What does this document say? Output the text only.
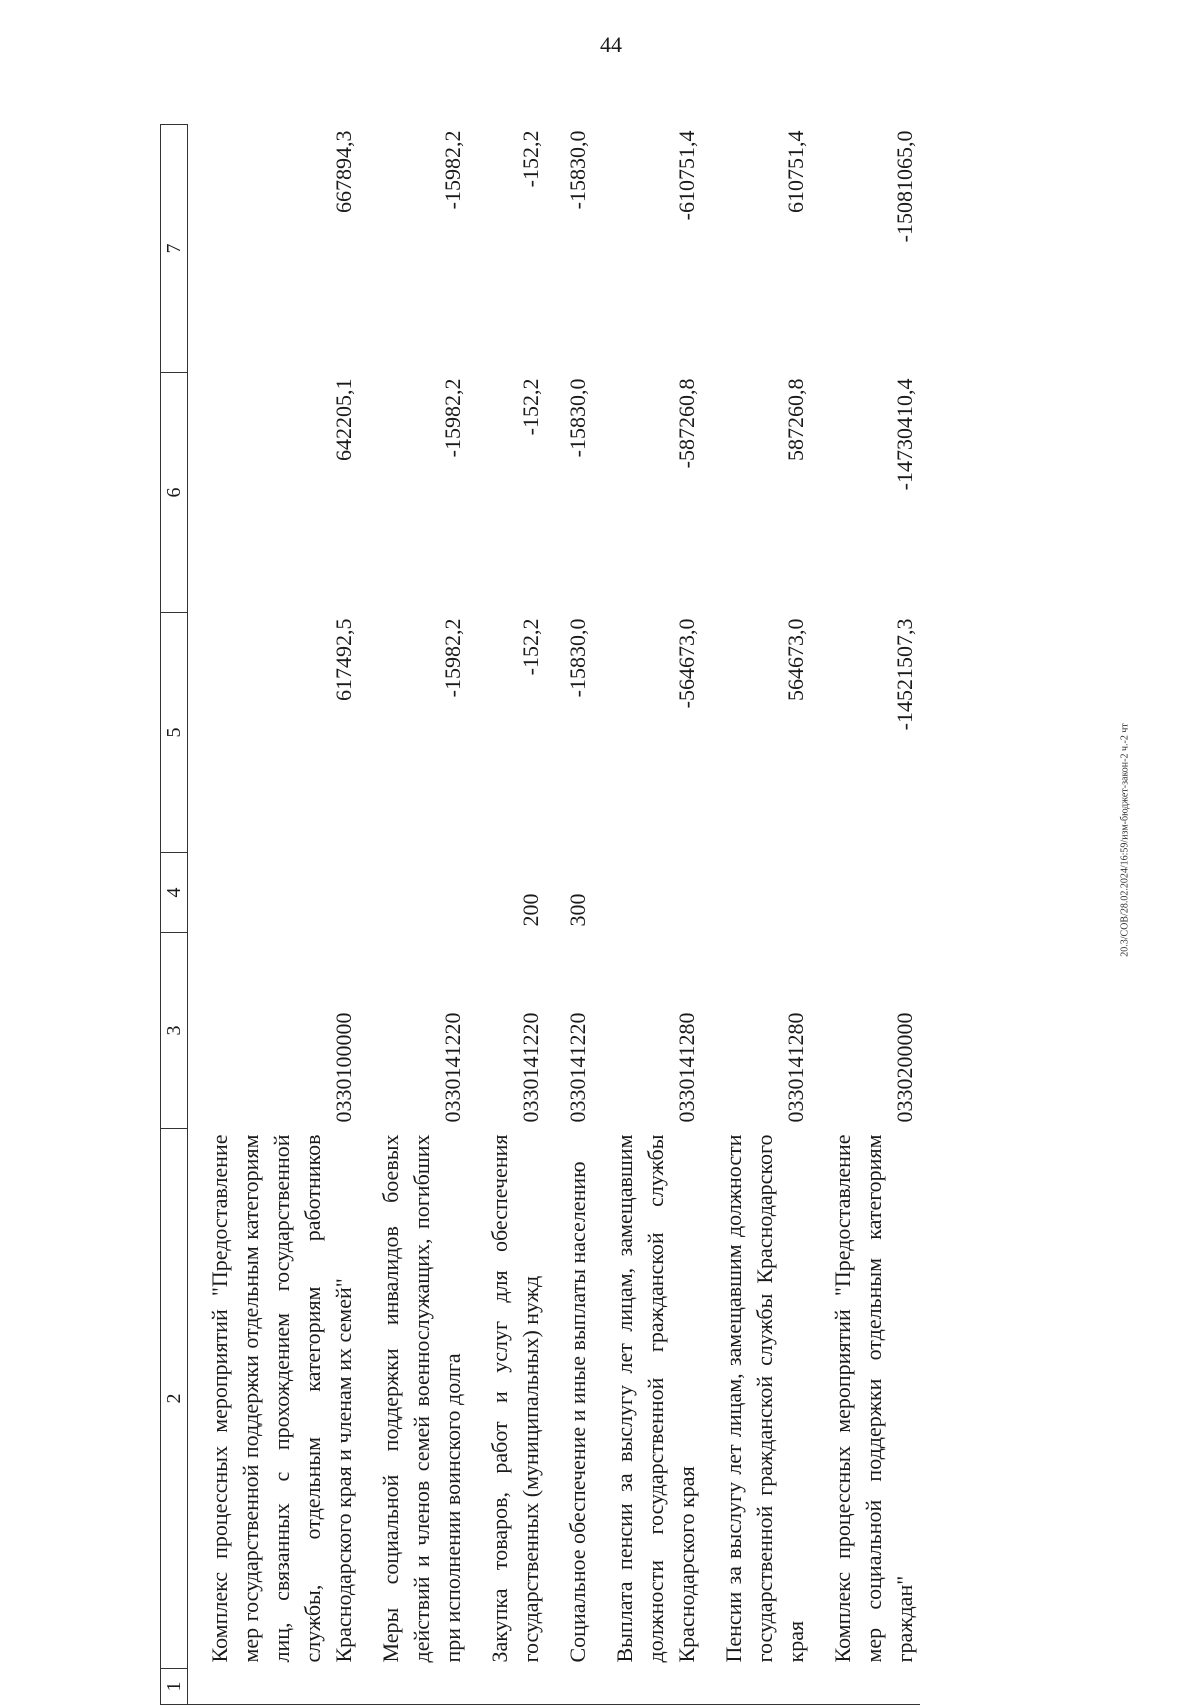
44
20.3/СОВ/28.02.2024/16:59/изм-бюджет-закон-2 ч.-2 чт
1	2	3	4	5	6	7
	Комплекс процессных мероприятий "Предоставление мер государственной поддержки отдельным категориям лиц, связанных с прохождением государственной службы, отдельным категориям работников Краснодарского края и членам их семей"	0330100000		617492,5	642205,1	667894,3
	Меры социальной поддержки инвалидов боевых действий и членов семей военнослужащих, погибших при исполнении воинского долга	0330141220		-15982,2	-15982,2	-15982,2
	Закупка товаров, работ и услуг для обеспечения государственных (муниципальных) нужд	0330141220	200	-152,2	-152,2	-152,2
	Социальное обеспечение и иные выплаты населению	0330141220	300	-15830,0	-15830,0	-15830,0
	Выплата пенсии за выслугу лет лицам, замещавшим должности государственной гражданской службы Краснодарского края	0330141280		-564673,0	-587260,8	-610751,4
	Пенсии за выслугу лет лицам, замещавшим должности государственной гражданской службы Краснодарского края	0330141280		564673,0	587260,8	610751,4
	Комплекс процессных мероприятий "Предоставление мер социальной поддержки отдельным категориям граждан"	0330200000		-14521507,3	-14730410,4	-15081065,0
